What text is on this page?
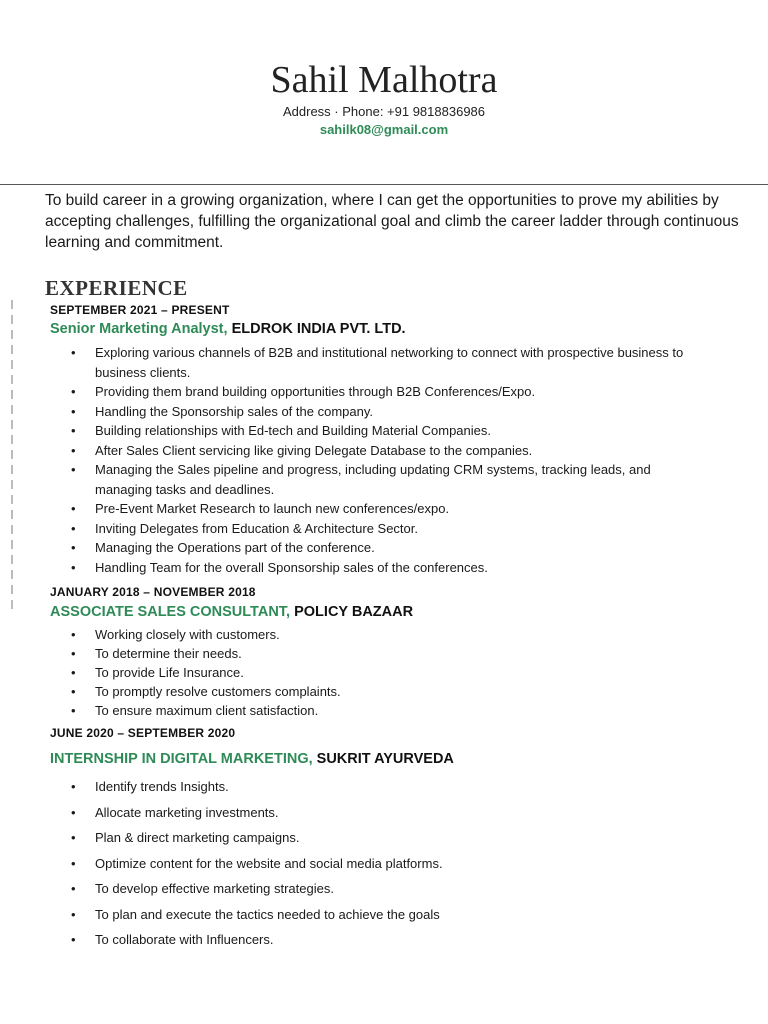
Sahil Malhotra
Address · Phone: +91 9818836986
sahilk08@gmail.com
To build career in a growing organization, where I can get the opportunities to prove my abilities by accepting challenges, fulfilling the organizational goal and climb the career ladder through continuous learning and commitment.
EXPERIENCE
SEPTEMBER 2021 – PRESENT
Senior Marketing Analyst, ELDROK INDIA PVT. LTD.
• Exploring various channels of B2B and institutional networking to connect with prospective business to business clients.
• Providing them brand building opportunities through B2B Conferences/Expo.
• Handling the Sponsorship sales of the company.
• Building relationships with Ed-tech and Building Material Companies.
• After Sales Client servicing like giving Delegate Database to the companies.
• Managing the Sales pipeline and progress, including updating CRM systems, tracking leads, and managing tasks and deadlines.
• Pre-Event Market Research to launch new conferences/expo.
• Inviting Delegates from Education & Architecture Sector.
• Managing the Operations part of the conference.
• Handling Team for the overall Sponsorship sales of the conferences.
JANUARY 2018 – NOVEMBER 2018
ASSOCIATE SALES CONSULTANT, POLICY BAZAAR
• Working closely with customers.
• To determine their needs.
• To provide Life Insurance.
• To promptly resolve customers complaints.
• To ensure maximum client satisfaction.
JUNE 2020 – SEPTEMBER 2020
INTERNSHIP IN DIGITAL MARKETING, SUKRIT AYURVEDA
• Identify trends Insights.
• Allocate marketing investments.
• Plan & direct marketing campaigns.
• Optimize content for the website and social media platforms.
• To develop effective marketing strategies.
• To plan and execute the tactics needed to achieve the goals
• To collaborate with Influencers.
